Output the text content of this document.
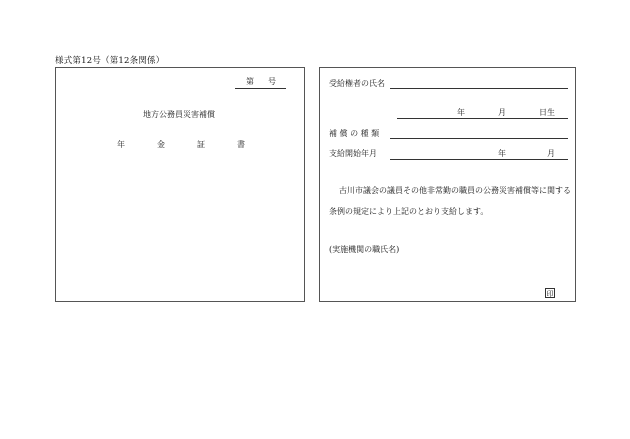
様式第12号（第12条関係）
第 号
地方公務員災害補償
年	金	証	書
受給権者の氏名
年	月	日生
補 償 の 種 類
支給開始年月	年	月
古川市議会の議員その他非常勤の職員の公務災害補償等に関する
条例の規定により上記のとおり支給します。
(実施機関の職氏名)
印
